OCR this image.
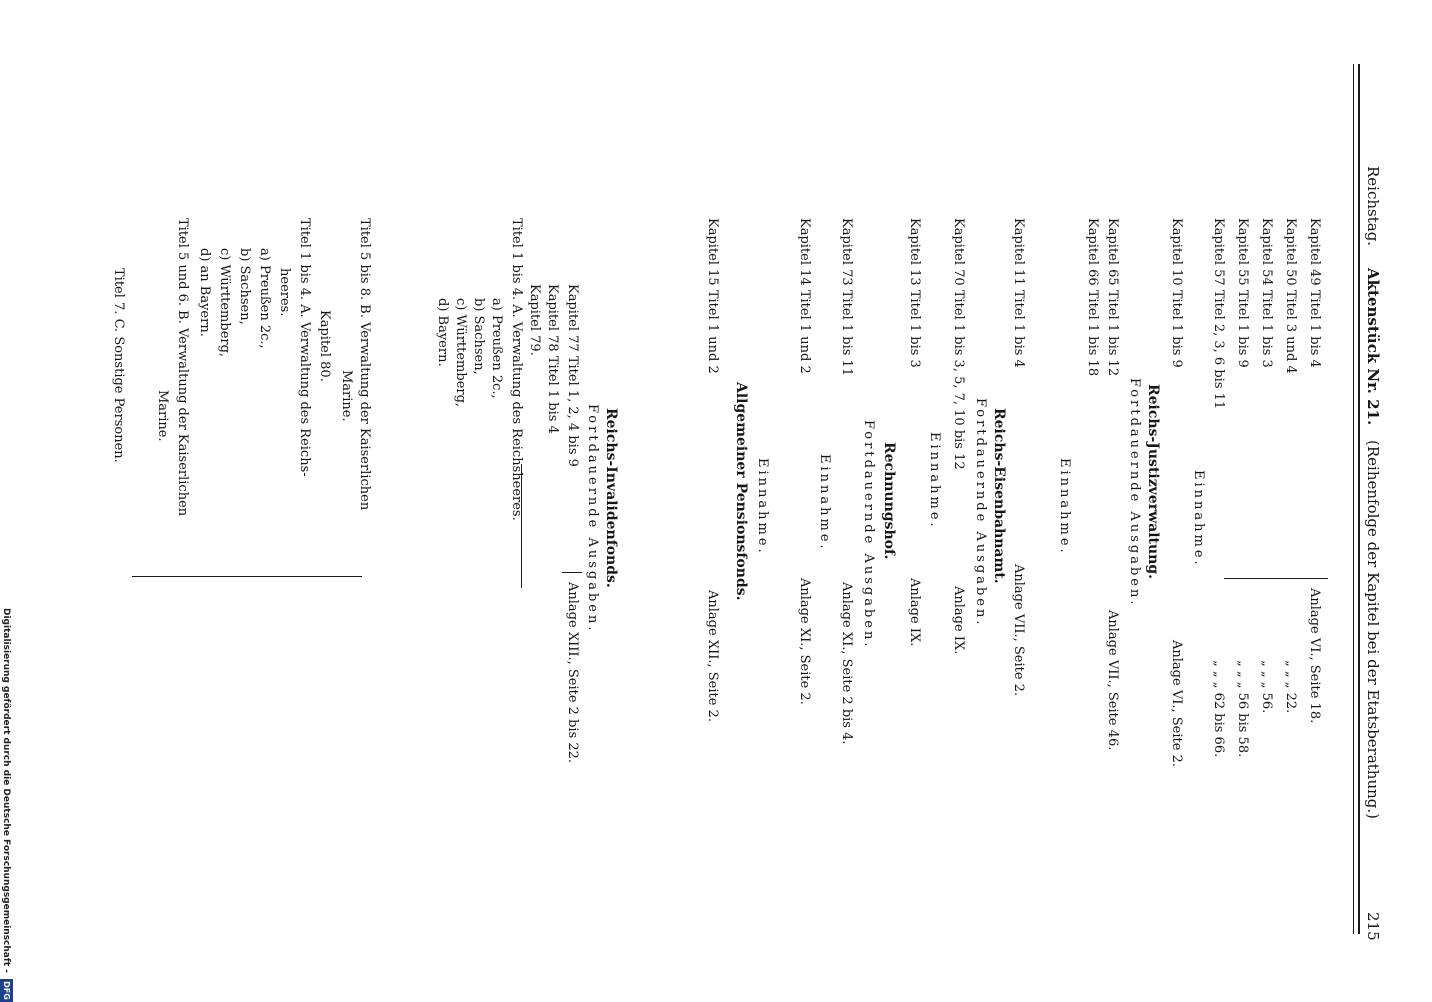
Reichstag.
Aktenstück Nr. 21.
(Reihenfolge der Kapitel bei der Etatsberathung.)
215
Kapitel 49 Titel 1 bis 4
Anlage VI., Seite 18.
Kapitel 50 Titel 3 und 4
„ „ „ 22.
Kapitel 54 Titel 1 bis 3
„ „ „ 56.
Kapitel 55 Titel 1 bis 9
„ „ „ 56 bis 58.
Kapitel 57 Titel 2, 3, 6 bis 11
„ „ „ 62 bis 66.
Einnahme.
Kapitel 10 Titel 1 bis 9
Anlage VI., Seite 2.
Reichs-Justizverwaltung.
Fortdauernde Ausgaben.
Kapitel 65 Titel 1 bis 12
Anlage VII., Seite 46.
Kapitel 66 Titel 1 bis 18
Einnahme.
Kapitel 11 Titel 1 bis 4
Anlage VII., Seite 2.
Reichs-Eisenbahnamt.
Fortdauernde Ausgaben.
Kapitel 70 Titel 1 bis 3, 5, 7, 10 bis 12
Anlage IX.
Einnahme.
Kapitel 13 Titel 1 bis 3
Anlage IX.
Rechnungshof.
Fortdauernde Ausgaben.
Kapitel 73 Titel 1 bis 11
Anlage XI., Seite 2 bis 4.
Einnahme.
Kapitel 14 Titel 1 und 2
Anlage XI., Seite 2.
Allgemeiner Pensionsfonds. Einnahme.
Kapitel 15 Titel 1 und 2
Anlage XII., Seite 2.
Reichs-Invalidenfonds.
Fortdauernde Ausgaben.
Kapitel 77 Titel 1, 2, 4 bis 9
Anlage XIII., Seite 2 bis 22.
Kapitel 78 Titel 1 bis 4
Kapitel 79.
Titel 1 bis 4. A. Verwaltung des Reichsheeres.
a) Preußen 2c.,
b) Sachsen,
c) Württemberg,
d) Bayern.
Titel 5 bis 8. B. Verwaltung der Kaiserlichen
Marine.
Kapitel 80.
Titel 1 bis 4. A. Verwaltung des Reichs-
heeres.
a) Preußen 2c.,
b) Sachsen,
c) Württemberg,
d) an Bayern.
Titel 5 und 6. B. Verwaltung der Kaiserlichen
Marine.
Titel 7. C. Sonstige Personen.
Digitalisierung gefördert durch die Deutsche Forschungsgemeinschaft - DFG
